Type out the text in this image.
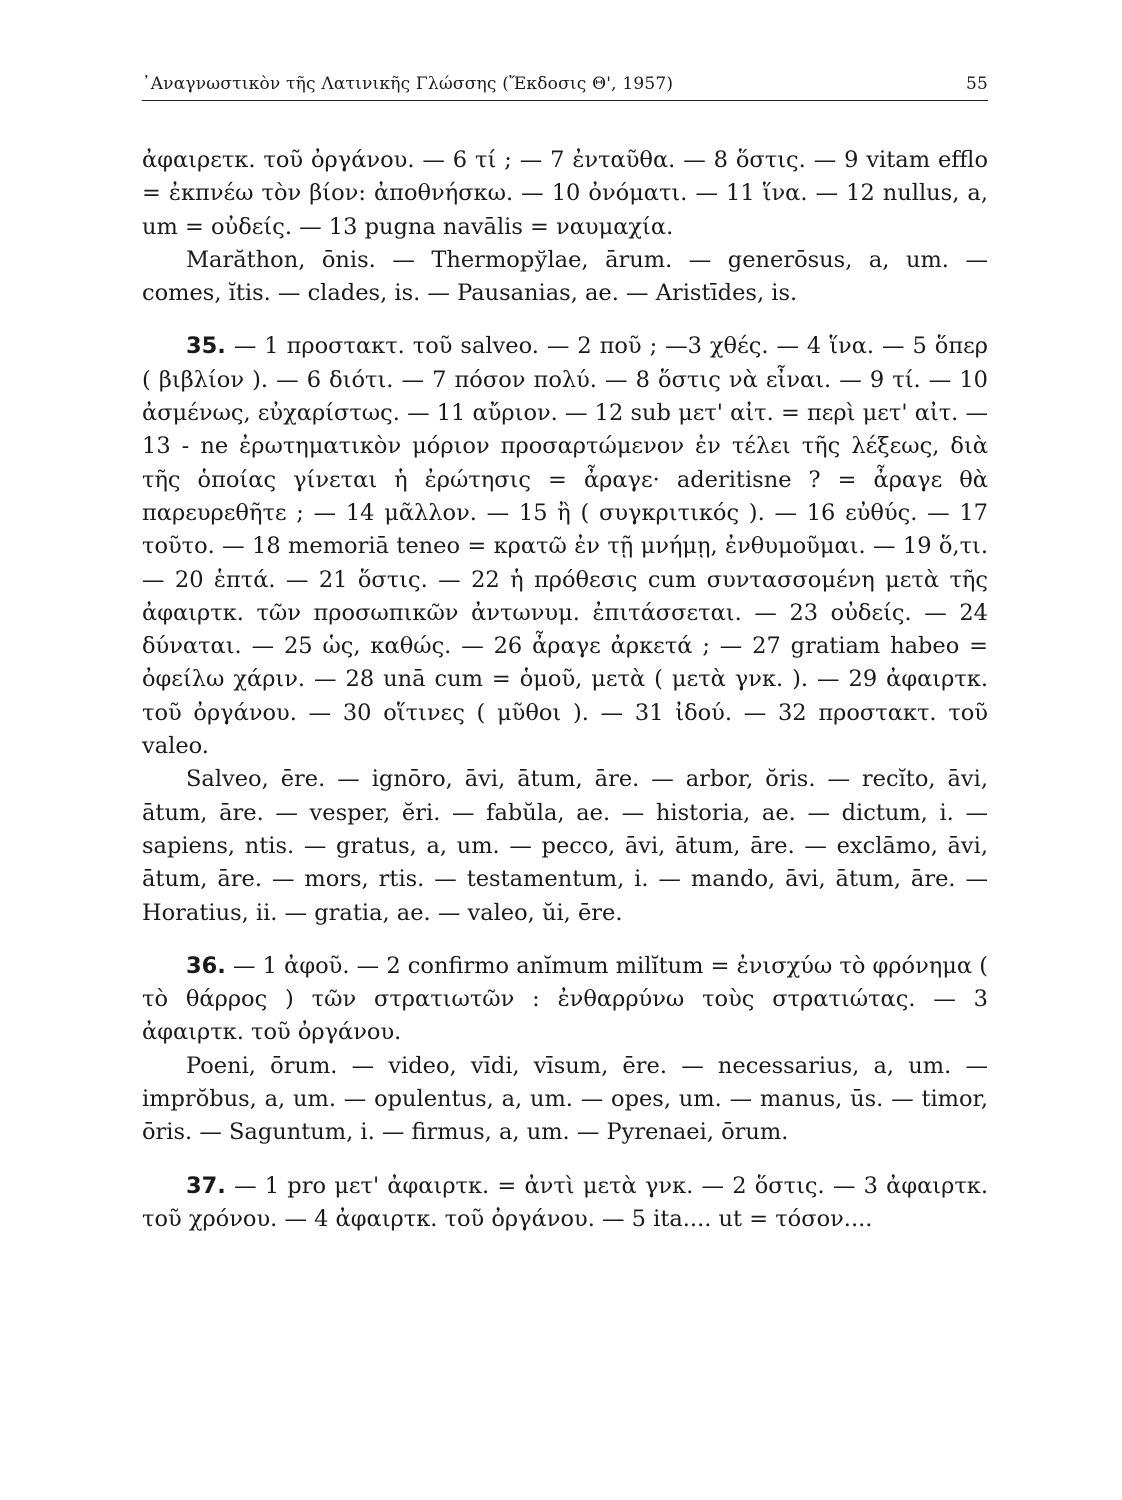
᾿Αναγνωστικὸν τῆς Λατινικῆς Γλώσσης (Ἔκδοσις Θ', 1957)	55

ἀφαιρετκ. τοῦ ὀργάνου. — 6 τί ; — 7 ἐνταῦθα. — 8 ὅστις. — 9 vitam efflo = ἐκπνέω τὸν βίον: ἀποθνήσκω. — 10 ὀνόματι. — 11 ἵνα. — 12 nullus, a, um = οὐδείς. — 13 pugna navālis = ναυμαχία.

Marăthon, ōnis. — Thermopўlae, ārum. — generōsus, a, um. — comes, ĭtis. — clades, is. — Pausanias, ae. — Aristīdes, is.

35. — 1 προστακτ. τοῦ salveo. — 2 ποῦ ; —3 χθές. — 4 ἵνα. — 5 ὅπερ ( βιβλίον ). — 6 διότι. — 7 πόσον πολύ. — 8 ὅστις νὰ εἶναι. — 9 τί. — 10 ἀσμένως, εὐχαρίστως. — 11 αὔριον. — 12 sub μετ' αἰτ. = περὶ μετ' αἰτ. — 13 - ne ἐρωτηματικὸν μόριον προσαρτώμενον ἐν τέλει τῆς λέξεως, διὰ τῆς ὁποίας γίνεται ἡ ἐρώτησις = ἆραγε· aderitisne ? = ἆραγε θὰ παρευρεθῆτε ; — 14 μᾶλλον. — 15 ἢ ( συγκριτικός ). — 16 εὐθύς. — 17 τοῦτο. — 18 memoriā teneo = κρατῶ ἐν τῇ μνήμῃ, ἐνθυμοῦμαι. — 19 ὅ,τι. — 20 ἑπτά. — 21 ὅστις. — 22 ἡ πρόθεσις cum συντασσομένη μετὰ τῆς ἀφαιρτκ. τῶν προσωπικῶν ἀντωνυμ. ἐπιτάσσεται. — 23 οὐδείς. — 24 δύναται. — 25 ὡς, καθώς. — 26 ἆραγε ἀρκετά ; — 27 gratiam habeo = ὀφείλω χάριν. — 28 unā cum = ὁμοῦ, μετὰ ( μετὰ γνκ. ). — 29 ἀφαιρτκ. τοῦ ὀργάνου. — 30 οἵτινες ( μῦθοι ). — 31 ἰδού. — 32 προστακτ. τοῦ valeo.

Salveo, ēre. — ignōro, āvi, ātum, āre. — arbor, ŏris. — recĭto, āvi, ātum, āre. — vesper, ĕri. — fabŭla, ae. — historia, ae. — dictum, i. — sapiens, ntis. — gratus, a, um. — pecco, āvi, ātum, āre. — exclāmo, āvi, ātum, āre. — mors, rtis. — testamentum, i. — mando, āvi, ātum, āre. — Horatius, ii. — gratia, ae. — valeo, ŭi, ēre.

36. — 1 ἀφοῦ. — 2 confirmo anĭmum milĭtum = ἐνισχύω τὸ φρόνημα ( τὸ θάρρος ) τῶν στρατιωτῶν : ἐνθαρρύνω τοὺς στρατιώτας. — 3 ἀφαιρτκ. τοῦ ὀργάνου.

Poeni, ōrum. — video, vīdi, vīsum, ēre. — necessarius, a, um. — imprŏbus, a, um. — opulentus, a, um. — opes, um. — manus, ūs. — timor, ōris. — Saguntum, i. — firmus, a, um. — Pyrenaei, ōrum.

37. — 1 pro μετ' ἀφαιρτκ. = ἀντὶ μετὰ γνκ. — 2 ὅστις. — 3 ἀφαιρτκ. τοῦ χρόνου. — 4 ἀφαιρτκ. τοῦ ὀργάνου. — 5 ita.... ut = τόσον....
